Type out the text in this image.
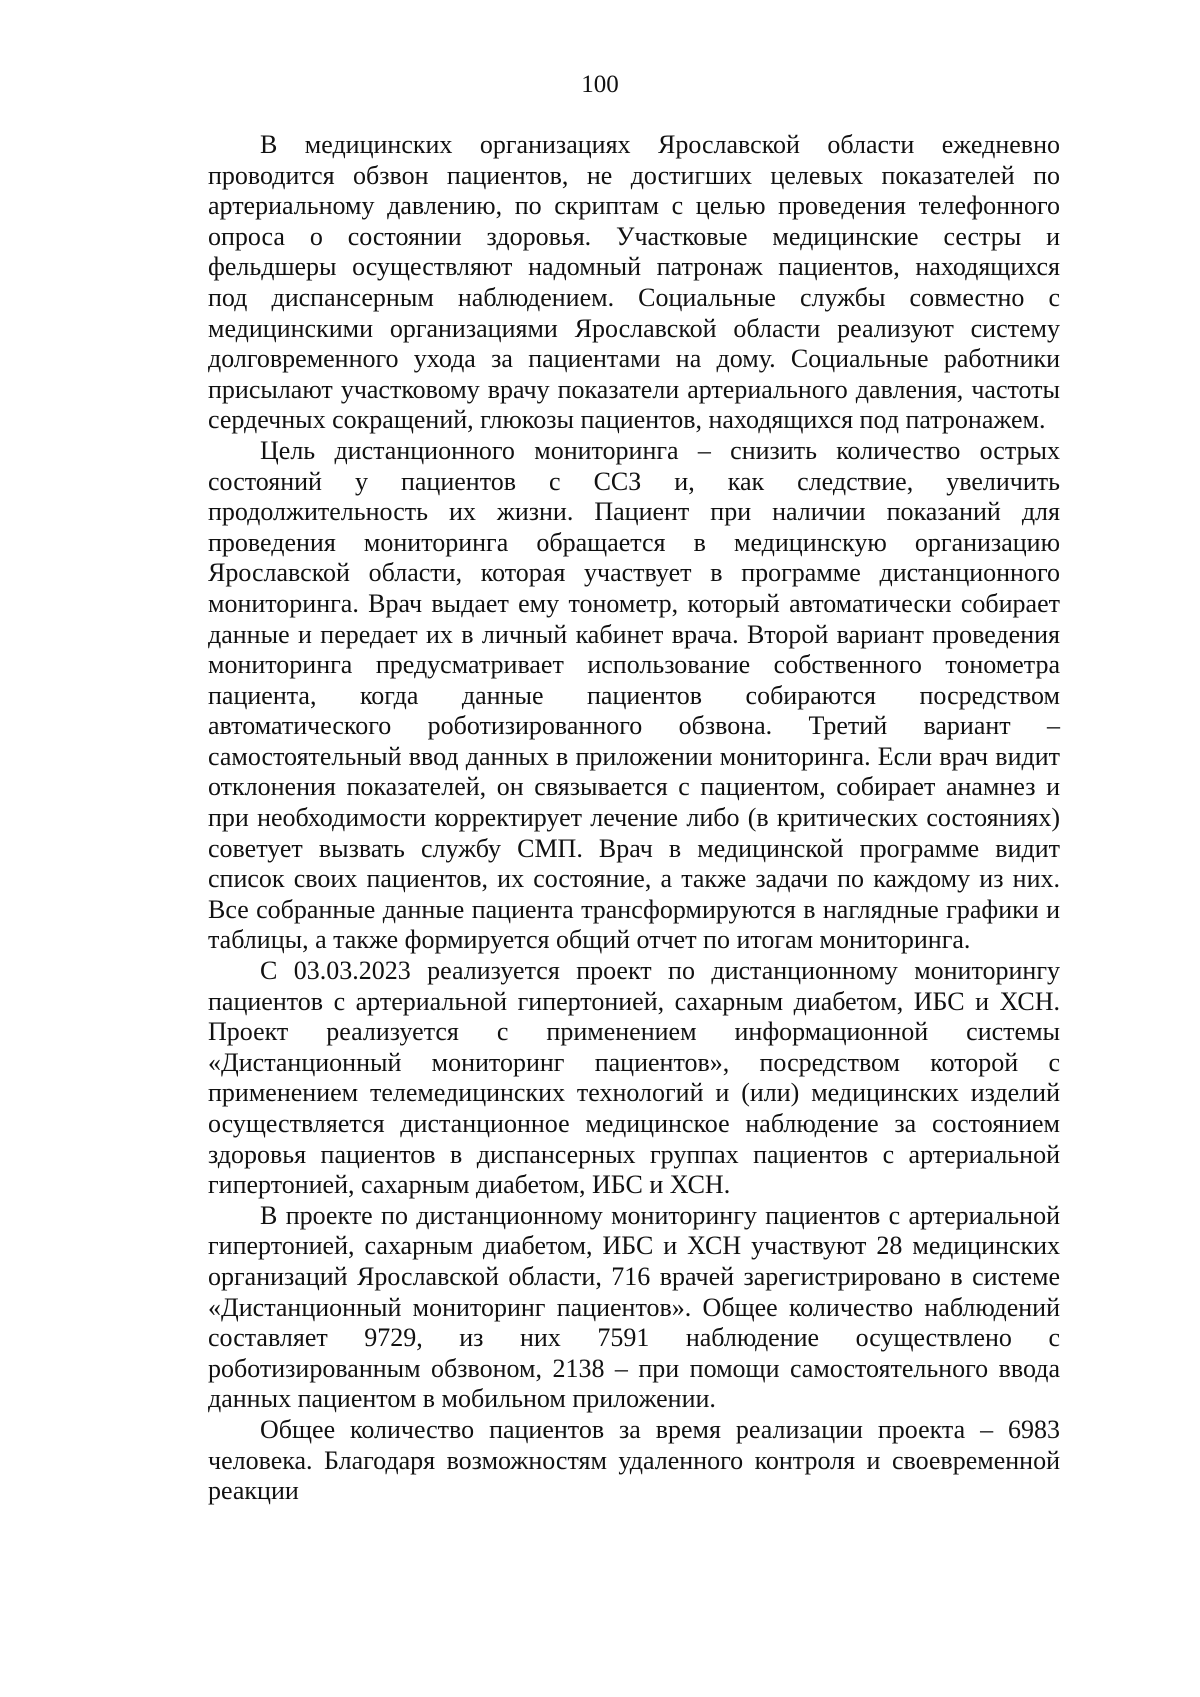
100

В медицинских организациях Ярославской области ежедневно проводится обзвон пациентов, не достигших целевых показателей по артериальному давлению, по скриптам с целью проведения телефонного опроса о состоянии здоровья. Участковые медицинские сестры и фельдшеры осуществляют надомный патронаж пациентов, находящихся под диспансерным наблюдением. Социальные службы совместно с медицинскими организациями Ярославской области реализуют систему долговременного ухода за пациентами на дому. Социальные работники присылают участковому врачу показатели артериального давления, частоты сердечных сокращений, глюкозы пациентов, находящихся под патронажем.

Цель дистанционного мониторинга – снизить количество острых состояний у пациентов с ССЗ и, как следствие, увеличить продолжительность их жизни. Пациент при наличии показаний для проведения мониторинга обращается в медицинскую организацию Ярославской области, которая участвует в программе дистанционного мониторинга. Врач выдает ему тонометр, который автоматически собирает данные и передает их в личный кабинет врача. Второй вариант проведения мониторинга предусматривает использование собственного тонометра пациента, когда данные пациентов собираются посредством автоматического роботизированного обзвона. Третий вариант – самостоятельный ввод данных в приложении мониторинга. Если врач видит отклонения показателей, он связывается с пациентом, собирает анамнез и при необходимости корректирует лечение либо (в критических состояниях) советует вызвать службу СМП. Врач в медицинской программе видит список своих пациентов, их состояние, а также задачи по каждому из них. Все собранные данные пациента трансформируются в наглядные графики и таблицы, а также формируется общий отчет по итогам мониторинга.

С 03.03.2023 реализуется проект по дистанционному мониторингу пациентов с артериальной гипертонией, сахарным диабетом, ИБС и ХСН. Проект реализуется с применением информационной системы «Дистанционный мониторинг пациентов», посредством которой с применением телемедицинских технологий и (или) медицинских изделий осуществляется дистанционное медицинское наблюдение за состоянием здоровья пациентов в диспансерных группах пациентов с артериальной гипертонией, сахарным диабетом, ИБС и ХСН.

В проекте по дистанционному мониторингу пациентов с артериальной гипертонией, сахарным диабетом, ИБС и ХСН участвуют 28 медицинских организаций Ярославской области, 716 врачей зарегистрировано в системе «Дистанционный мониторинг пациентов». Общее количество наблюдений составляет 9729, из них 7591 наблюдение осуществлено с роботизированным обзвоном, 2138 – при помощи самостоятельного ввода данных пациентом в мобильном приложении.

Общее количество пациентов за время реализации проекта – 6983 человека. Благодаря возможностям удаленного контроля и своевременной реакции
